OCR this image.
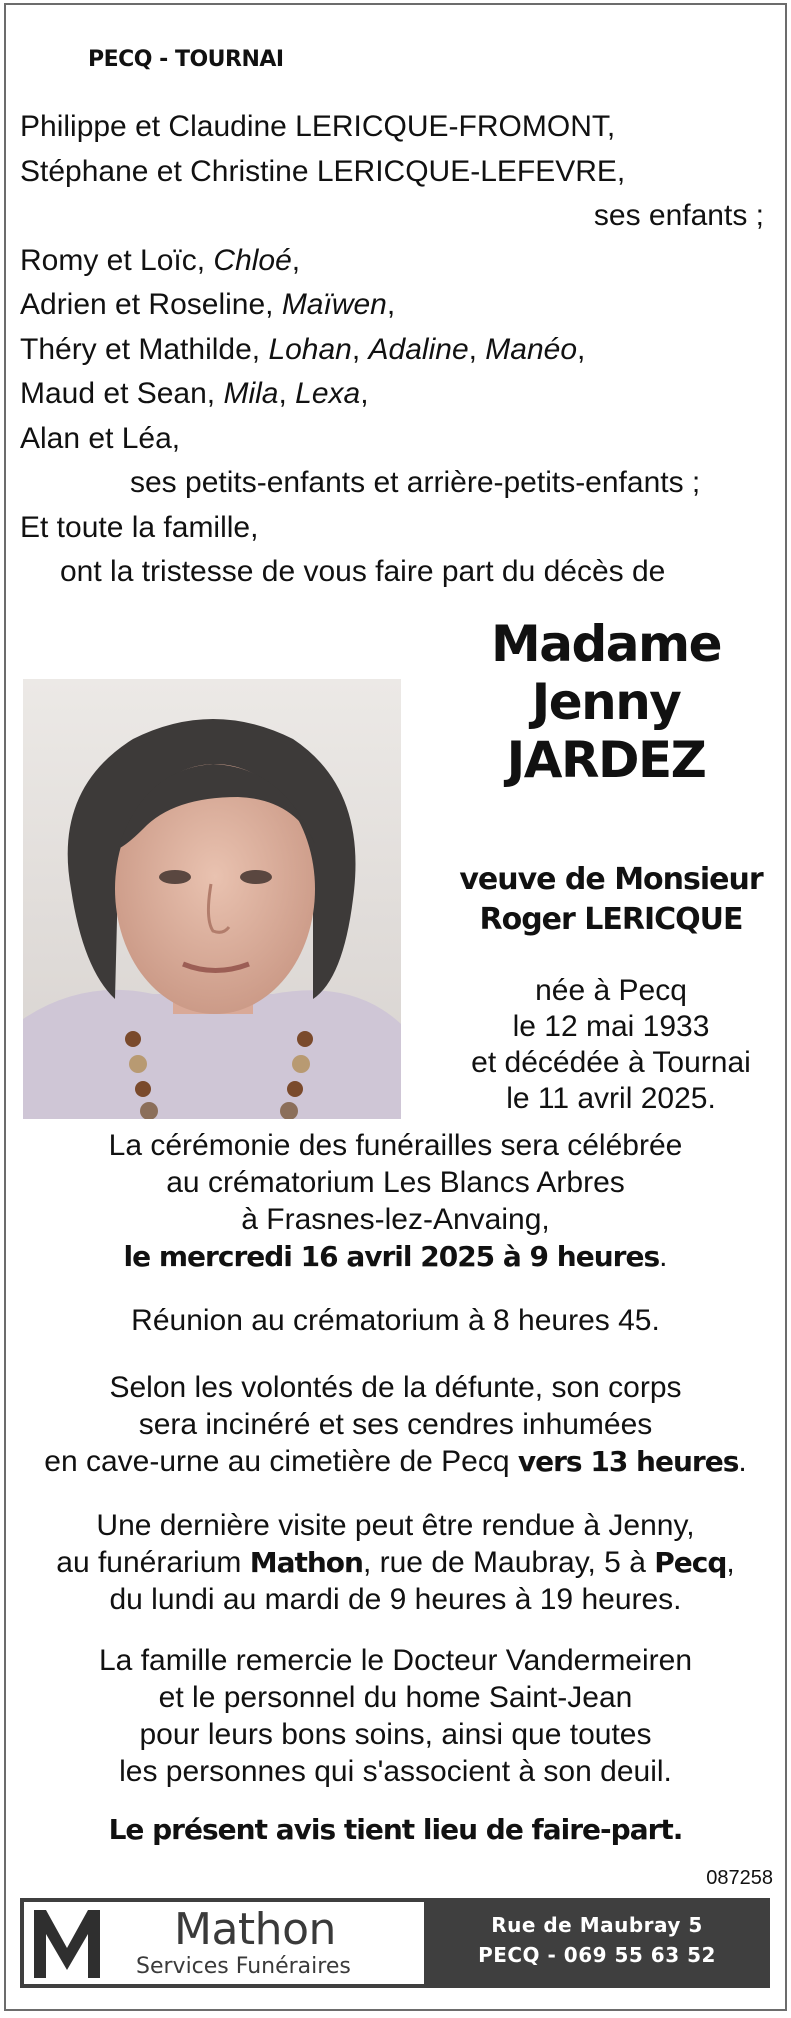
PECQ - TOURNAI
Philippe et Claudine LERICQUE-FROMONT,
Stéphane et Christine LERICQUE-LEFEVRE,
ses enfants ;
Romy et Loïc, Chloé,
Adrien et Roseline, Maïwen,
Théry et Mathilde, Lohan, Adaline, Manéo,
Maud et Sean, Mila, Lexa,
Alan et Léa,
ses petits-enfants et arrière-petits-enfants ;
Et toute la famille,
ont la tristesse de vous faire part du décès de
Madame
Jenny
JARDEZ
veuve de Monsieur
Roger LERICQUE
née à Pecq
le 12 mai 1933
et décédée à Tournai
le 11 avril 2025.
La cérémonie des funérailles sera célébrée
au crématorium Les Blancs Arbres
à Frasnes-lez-Anvaing,
le mercredi 16 avril 2025 à 9 heures.
Réunion au crématorium à 8 heures 45.
Selon les volontés de la défunte, son corps
sera incinéré et ses cendres inhumées
en cave-urne au cimetière de Pecq vers 13 heures.
Une dernière visite peut être rendue à Jenny,
au funérarium Mathon, rue de Maubray, 5 à Pecq,
du lundi au mardi de 9 heures à 19 heures.
La famille remercie le Docteur Vandermeiren
et le personnel du home Saint-Jean
pour leurs bons soins, ainsi que toutes
les personnes qui s'associent à son deuil.
Le présent avis tient lieu de faire-part.
087258
Mathon
Services Funéraires
Rue de Maubray 5
PECQ - 069 55 63 52
